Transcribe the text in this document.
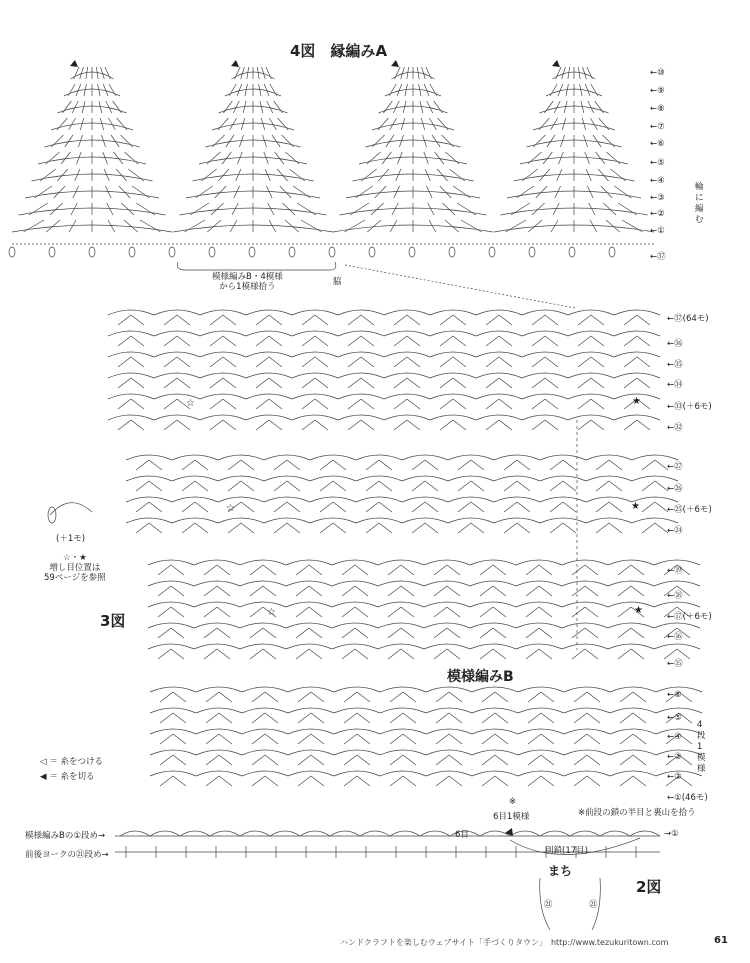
☆	★
☆	★
☆	★
4図　縁編みA
模様編みB・4模様
から1模様拾う	脇
輪に編む
←⑩
←⑨
←⑧
←⑦
←⑥
←⑤
←④
←③
←②
←①
←㊲
3図
模様編みB
(＋1モ)
☆・★
増し目位置は
59ページを参照
4段1模様
※
6目1模様	※前段の鎖の半目と裏山を拾う
←㊲(64モ)
←㊱
←㉟
←㉞
←㉝(＋6モ)
←㉜
←㉗
←㉖
←㉕(＋6モ)
←㉔
←⑲
←⑱
←⑰(＋6モ)
←⑯
←⑮
←⑥
←⑤
←④
←③
←②
←①(46モ)
◁ ＝ 糸をつける
◀ ＝ 糸を切る
模様編みBの①段め→
前後ヨークの㉑段め→
→①
6目
別鎖(17目)
まち
2図
㉑	㉑
ハンドクラフトを楽しむウェブサイト「手づくりタウン」　http://www.tezukuritown.com	61
